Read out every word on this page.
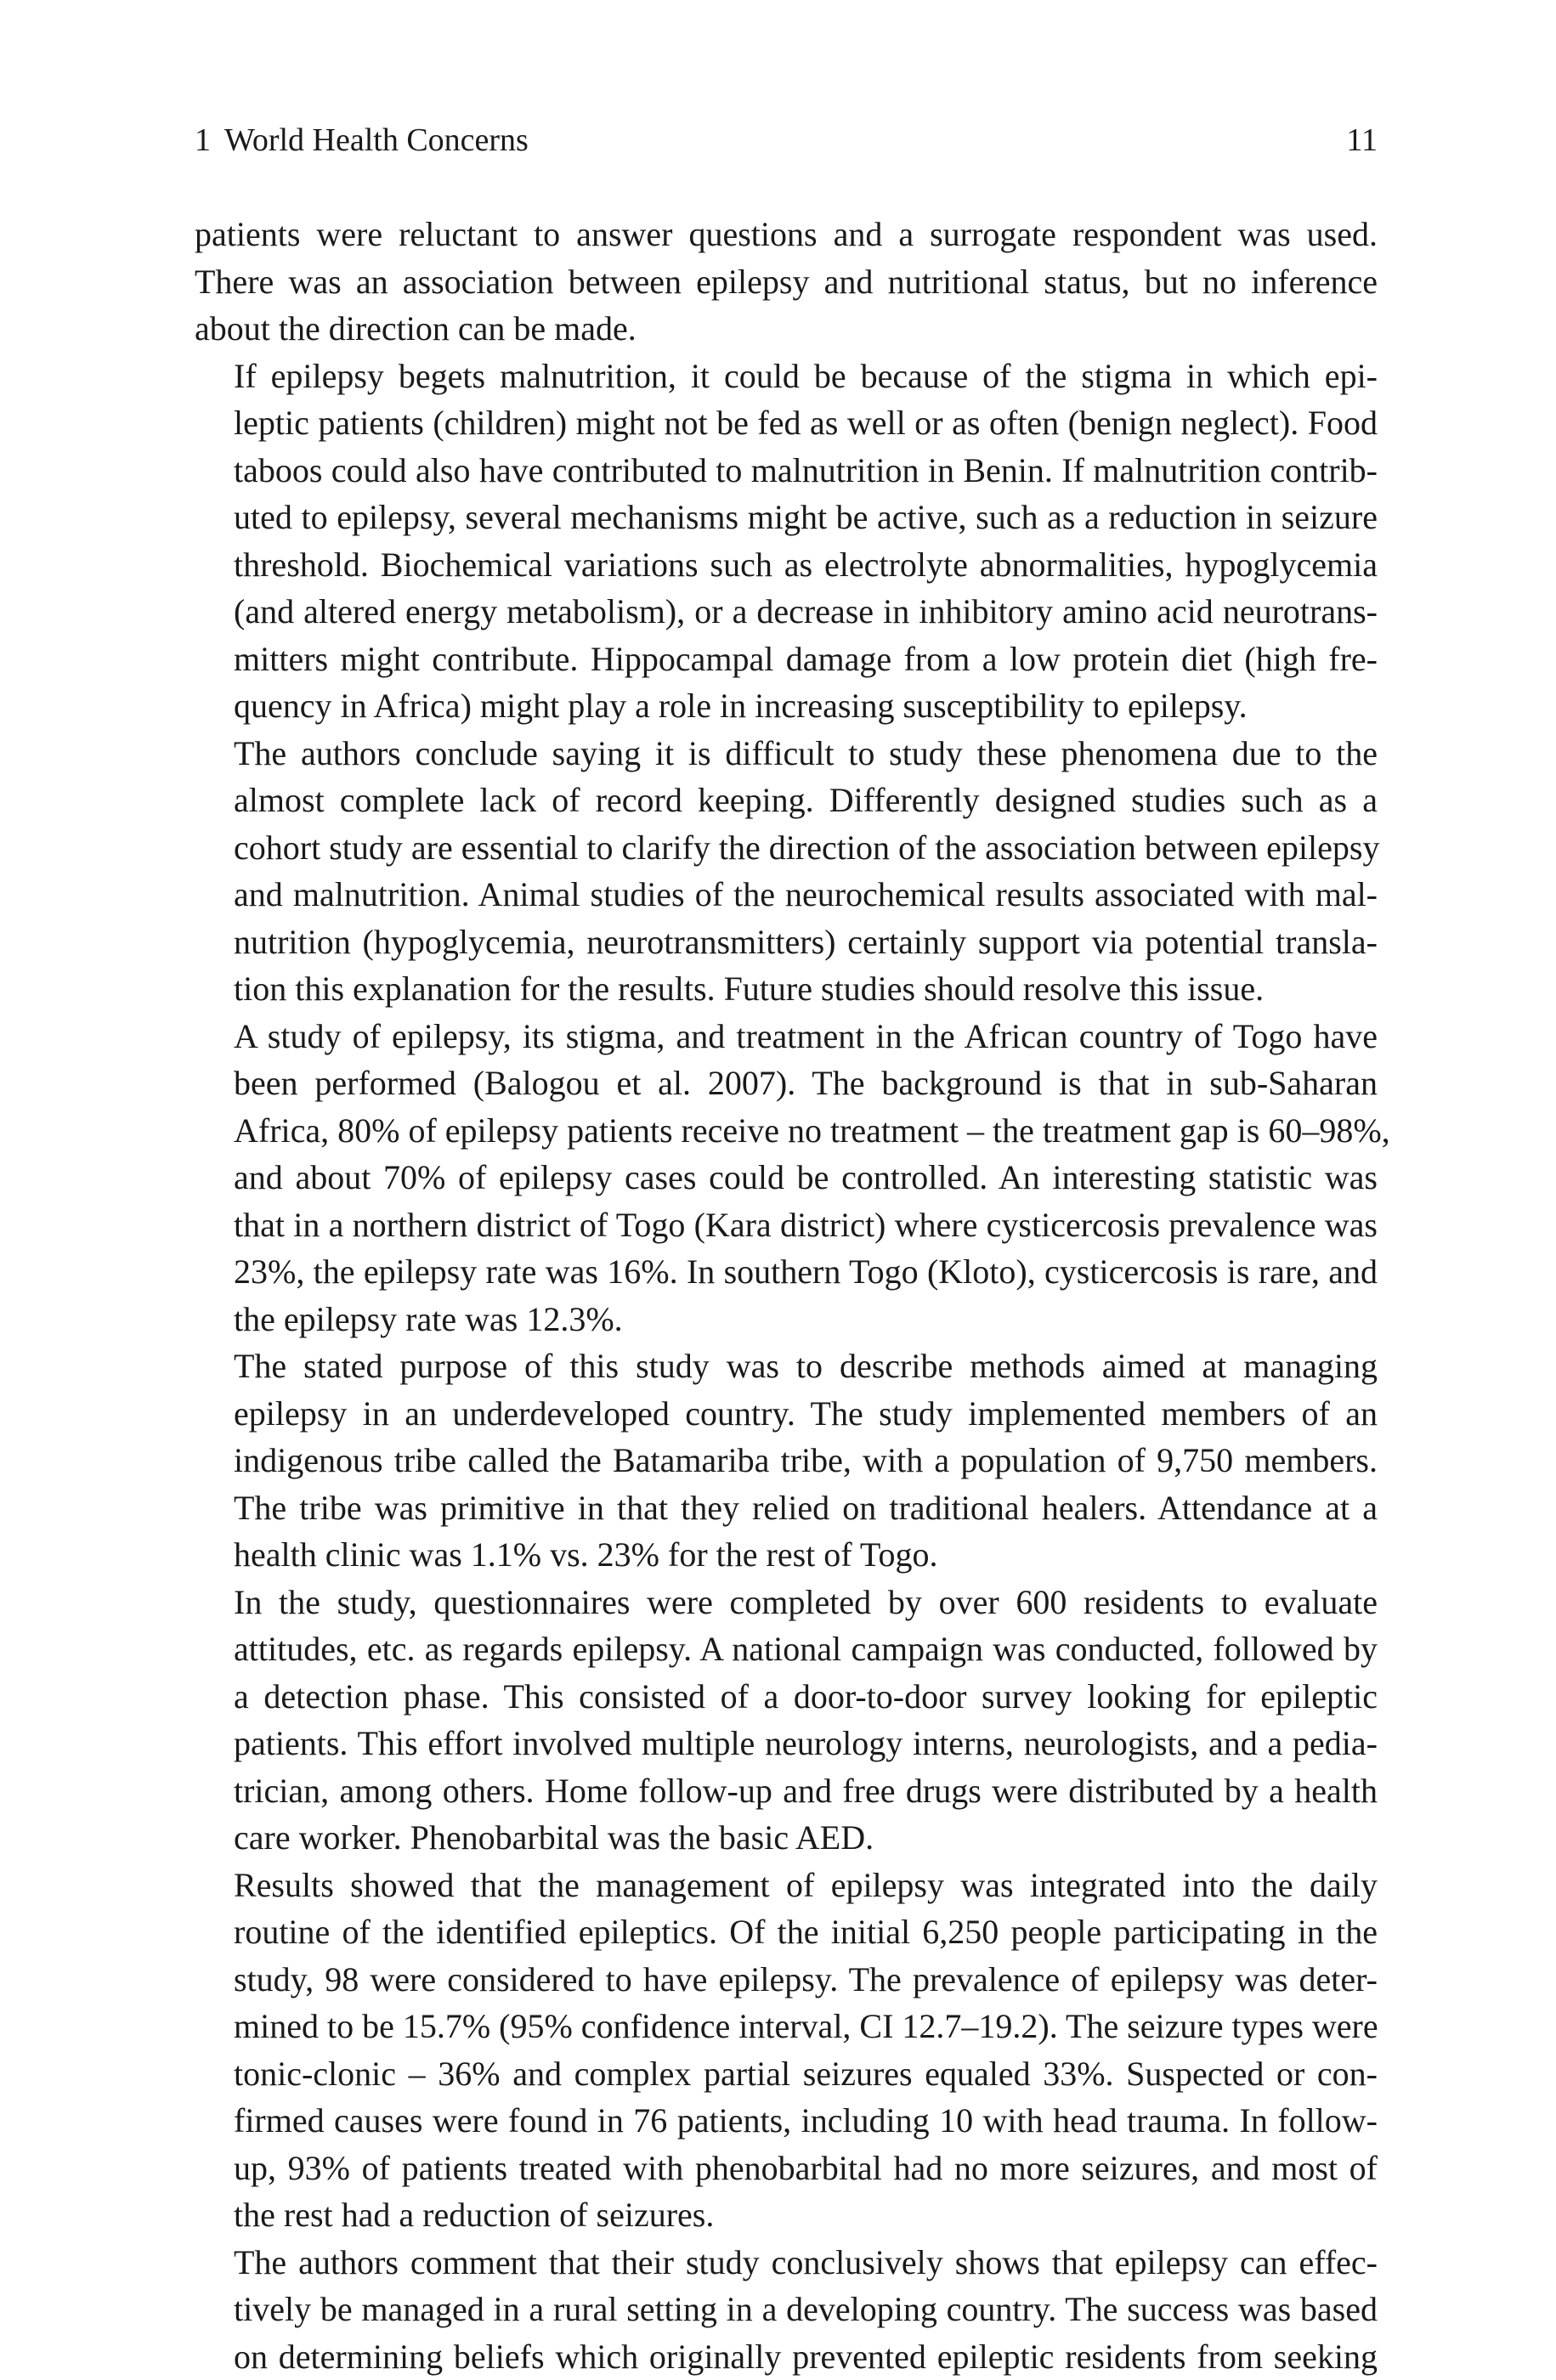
1 World Health Concerns	11

patients were reluctant to answer questions and a surrogate respondent was used.
There was an association between epilepsy and nutritional status, but no inference
about the direction can be made.

If epilepsy begets malnutrition, it could be because of the stigma in which epi-
leptic patients (children) might not be fed as well or as often (benign neglect). Food
taboos could also have contributed to malnutrition in Benin. If malnutrition contrib-
uted to epilepsy, several mechanisms might be active, such as a reduction in seizure
threshold. Biochemical variations such as electrolyte abnormalities, hypoglycemia
(and altered energy metabolism), or a decrease in inhibitory amino acid neurotrans-
mitters might contribute. Hippocampal damage from a low protein diet (high fre-
quency in Africa) might play a role in increasing susceptibility to epilepsy.

The authors conclude saying it is difficult to study these phenomena due to the
almost complete lack of record keeping. Differently designed studies such as a
cohort study are essential to clarify the direction of the association between epilepsy
and malnutrition. Animal studies of the neurochemical results associated with mal-
nutrition (hypoglycemia, neurotransmitters) certainly support via potential transla-
tion this explanation for the results. Future studies should resolve this issue.

A study of epilepsy, its stigma, and treatment in the African country of Togo have
been performed (Balogou et al. 2007). The background is that in sub-Saharan
Africa, 80% of epilepsy patients receive no treatment – the treatment gap is 60–98%,
and about 70% of epilepsy cases could be controlled. An interesting statistic was
that in a northern district of Togo (Kara district) where cysticercosis prevalence was
23%, the epilepsy rate was 16%. In southern Togo (Kloto), cysticercosis is rare, and
the epilepsy rate was 12.3%.

The stated purpose of this study was to describe methods aimed at managing
epilepsy in an underdeveloped country. The study implemented members of an
indigenous tribe called the Batamariba tribe, with a population of 9,750 members.
The tribe was primitive in that they relied on traditional healers. Attendance at a
health clinic was 1.1% vs. 23% for the rest of Togo.

In the study, questionnaires were completed by over 600 residents to evaluate
attitudes, etc. as regards epilepsy. A national campaign was conducted, followed by
a detection phase. This consisted of a door-to-door survey looking for epileptic
patients. This effort involved multiple neurology interns, neurologists, and a pedia-
trician, among others. Home follow-up and free drugs were distributed by a health
care worker. Phenobarbital was the basic AED.

Results showed that the management of epilepsy was integrated into the daily
routine of the identified epileptics. Of the initial 6,250 people participating in the
study, 98 were considered to have epilepsy. The prevalence of epilepsy was deter-
mined to be 15.7% (95% confidence interval, CI 12.7–19.2). The seizure types were
tonic-clonic – 36% and complex partial seizures equaled 33%. Suspected or con-
firmed causes were found in 76 patients, including 10 with head trauma. In follow-
up, 93% of patients treated with phenobarbital had no more seizures, and most of
the rest had a reduction of seizures.

The authors comment that their study conclusively shows that epilepsy can effec-
tively be managed in a rural setting in a developing country. The success was based
on determining beliefs which originally prevented epileptic residents from seeking
